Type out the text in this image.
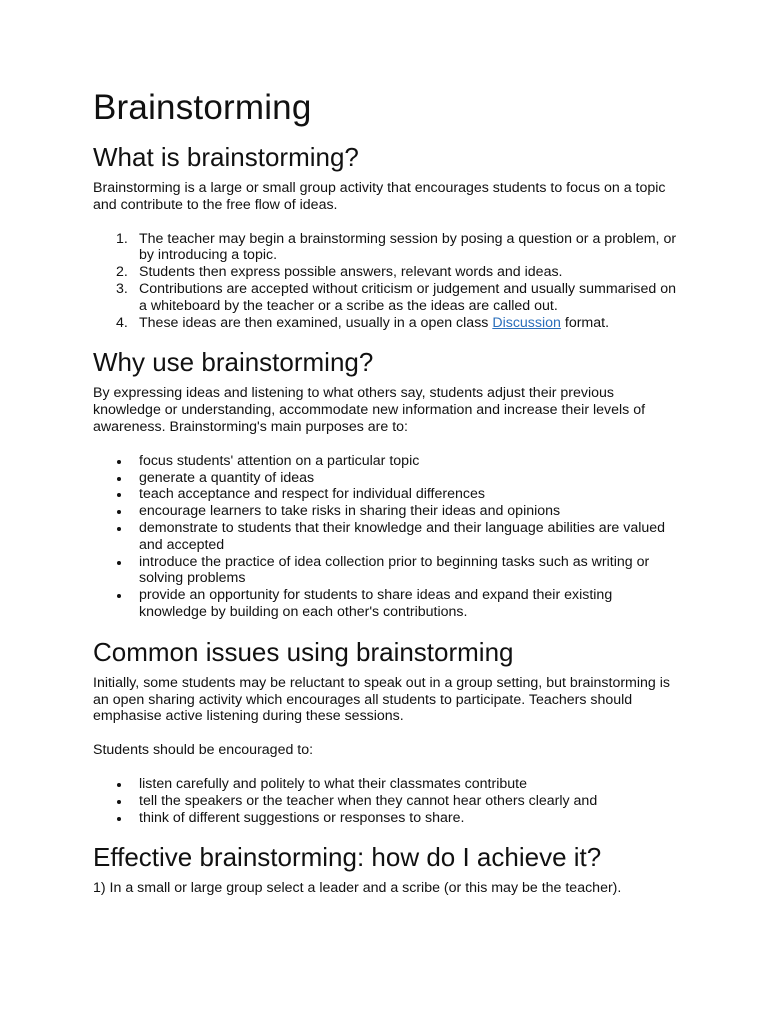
Brainstorming
What is brainstorming?

Brainstorming is a large or small group activity that encourages students to focus on a topic and contribute to the free flow of ideas.

1. The teacher may begin a brainstorming session by posing a question or a problem, or by introducing a topic.
2. Students then express possible answers, relevant words and ideas.
3. Contributions are accepted without criticism or judgement and usually summarised on a whiteboard by the teacher or a scribe as the ideas are called out.
4. These ideas are then examined, usually in a open class Discussion format.
Why use brainstorming?

By expressing ideas and listening to what others say, students adjust their previous knowledge or understanding, accommodate new information and increase their levels of awareness. Brainstorming's main purposes are to:

focus students' attention on a particular topic
generate a quantity of ideas
teach acceptance and respect for individual differences
encourage learners to take risks in sharing their ideas and opinions
demonstrate to students that their knowledge and their language abilities are valued and accepted
introduce the practice of idea collection prior to beginning tasks such as writing or solving problems
provide an opportunity for students to share ideas and expand their existing knowledge by building on each other's contributions.
Common issues using brainstorming

Initially, some students may be reluctant to speak out in a group setting, but brainstorming is an open sharing activity which encourages all students to participate. Teachers should emphasise active listening during these sessions.

Students should be encouraged to:

listen carefully and politely to what their classmates contribute
tell the speakers or the teacher when they cannot hear others clearly and
think of different suggestions or responses to share.
Effective brainstorming: how do I achieve it?

1) In a small or large group select a leader and a scribe (or this may be the teacher).
